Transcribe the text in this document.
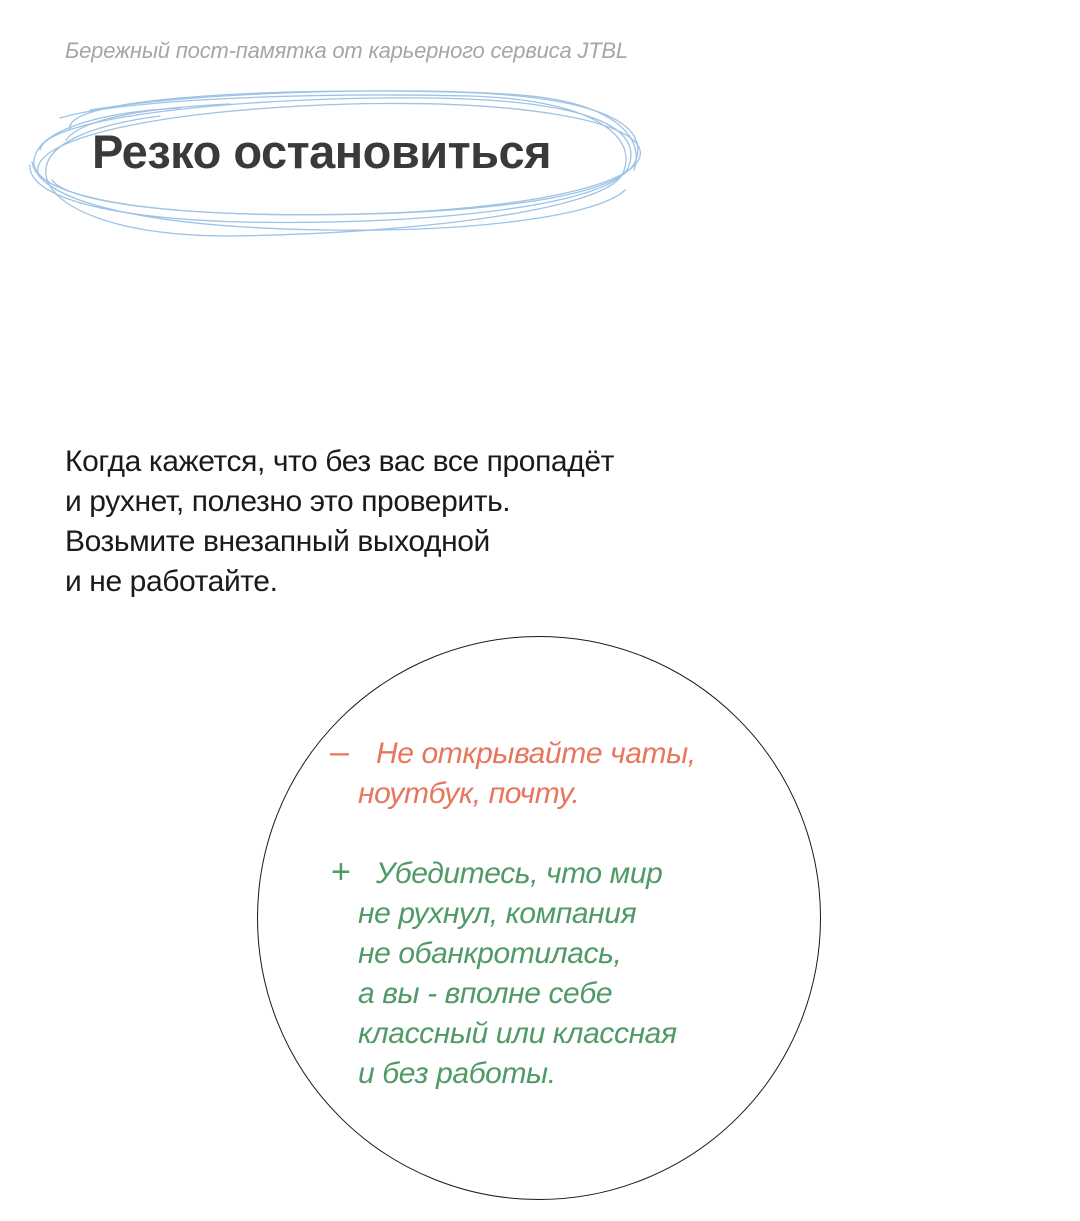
Бережный пост-памятка от карьерного сервиса JTBL
Резко остановиться
Когда кажется, что без вас все пропадёт
и рухнет, полезно это проверить.
Возьмите внезапный выходной
и не работайте.
– Не открывайте чаты,
ноутбук, почту.
+ Убедитесь, что мир
не рухнул, компания
не обанкротилась,
а вы - вполне себе
классный или классная
и без работы.
